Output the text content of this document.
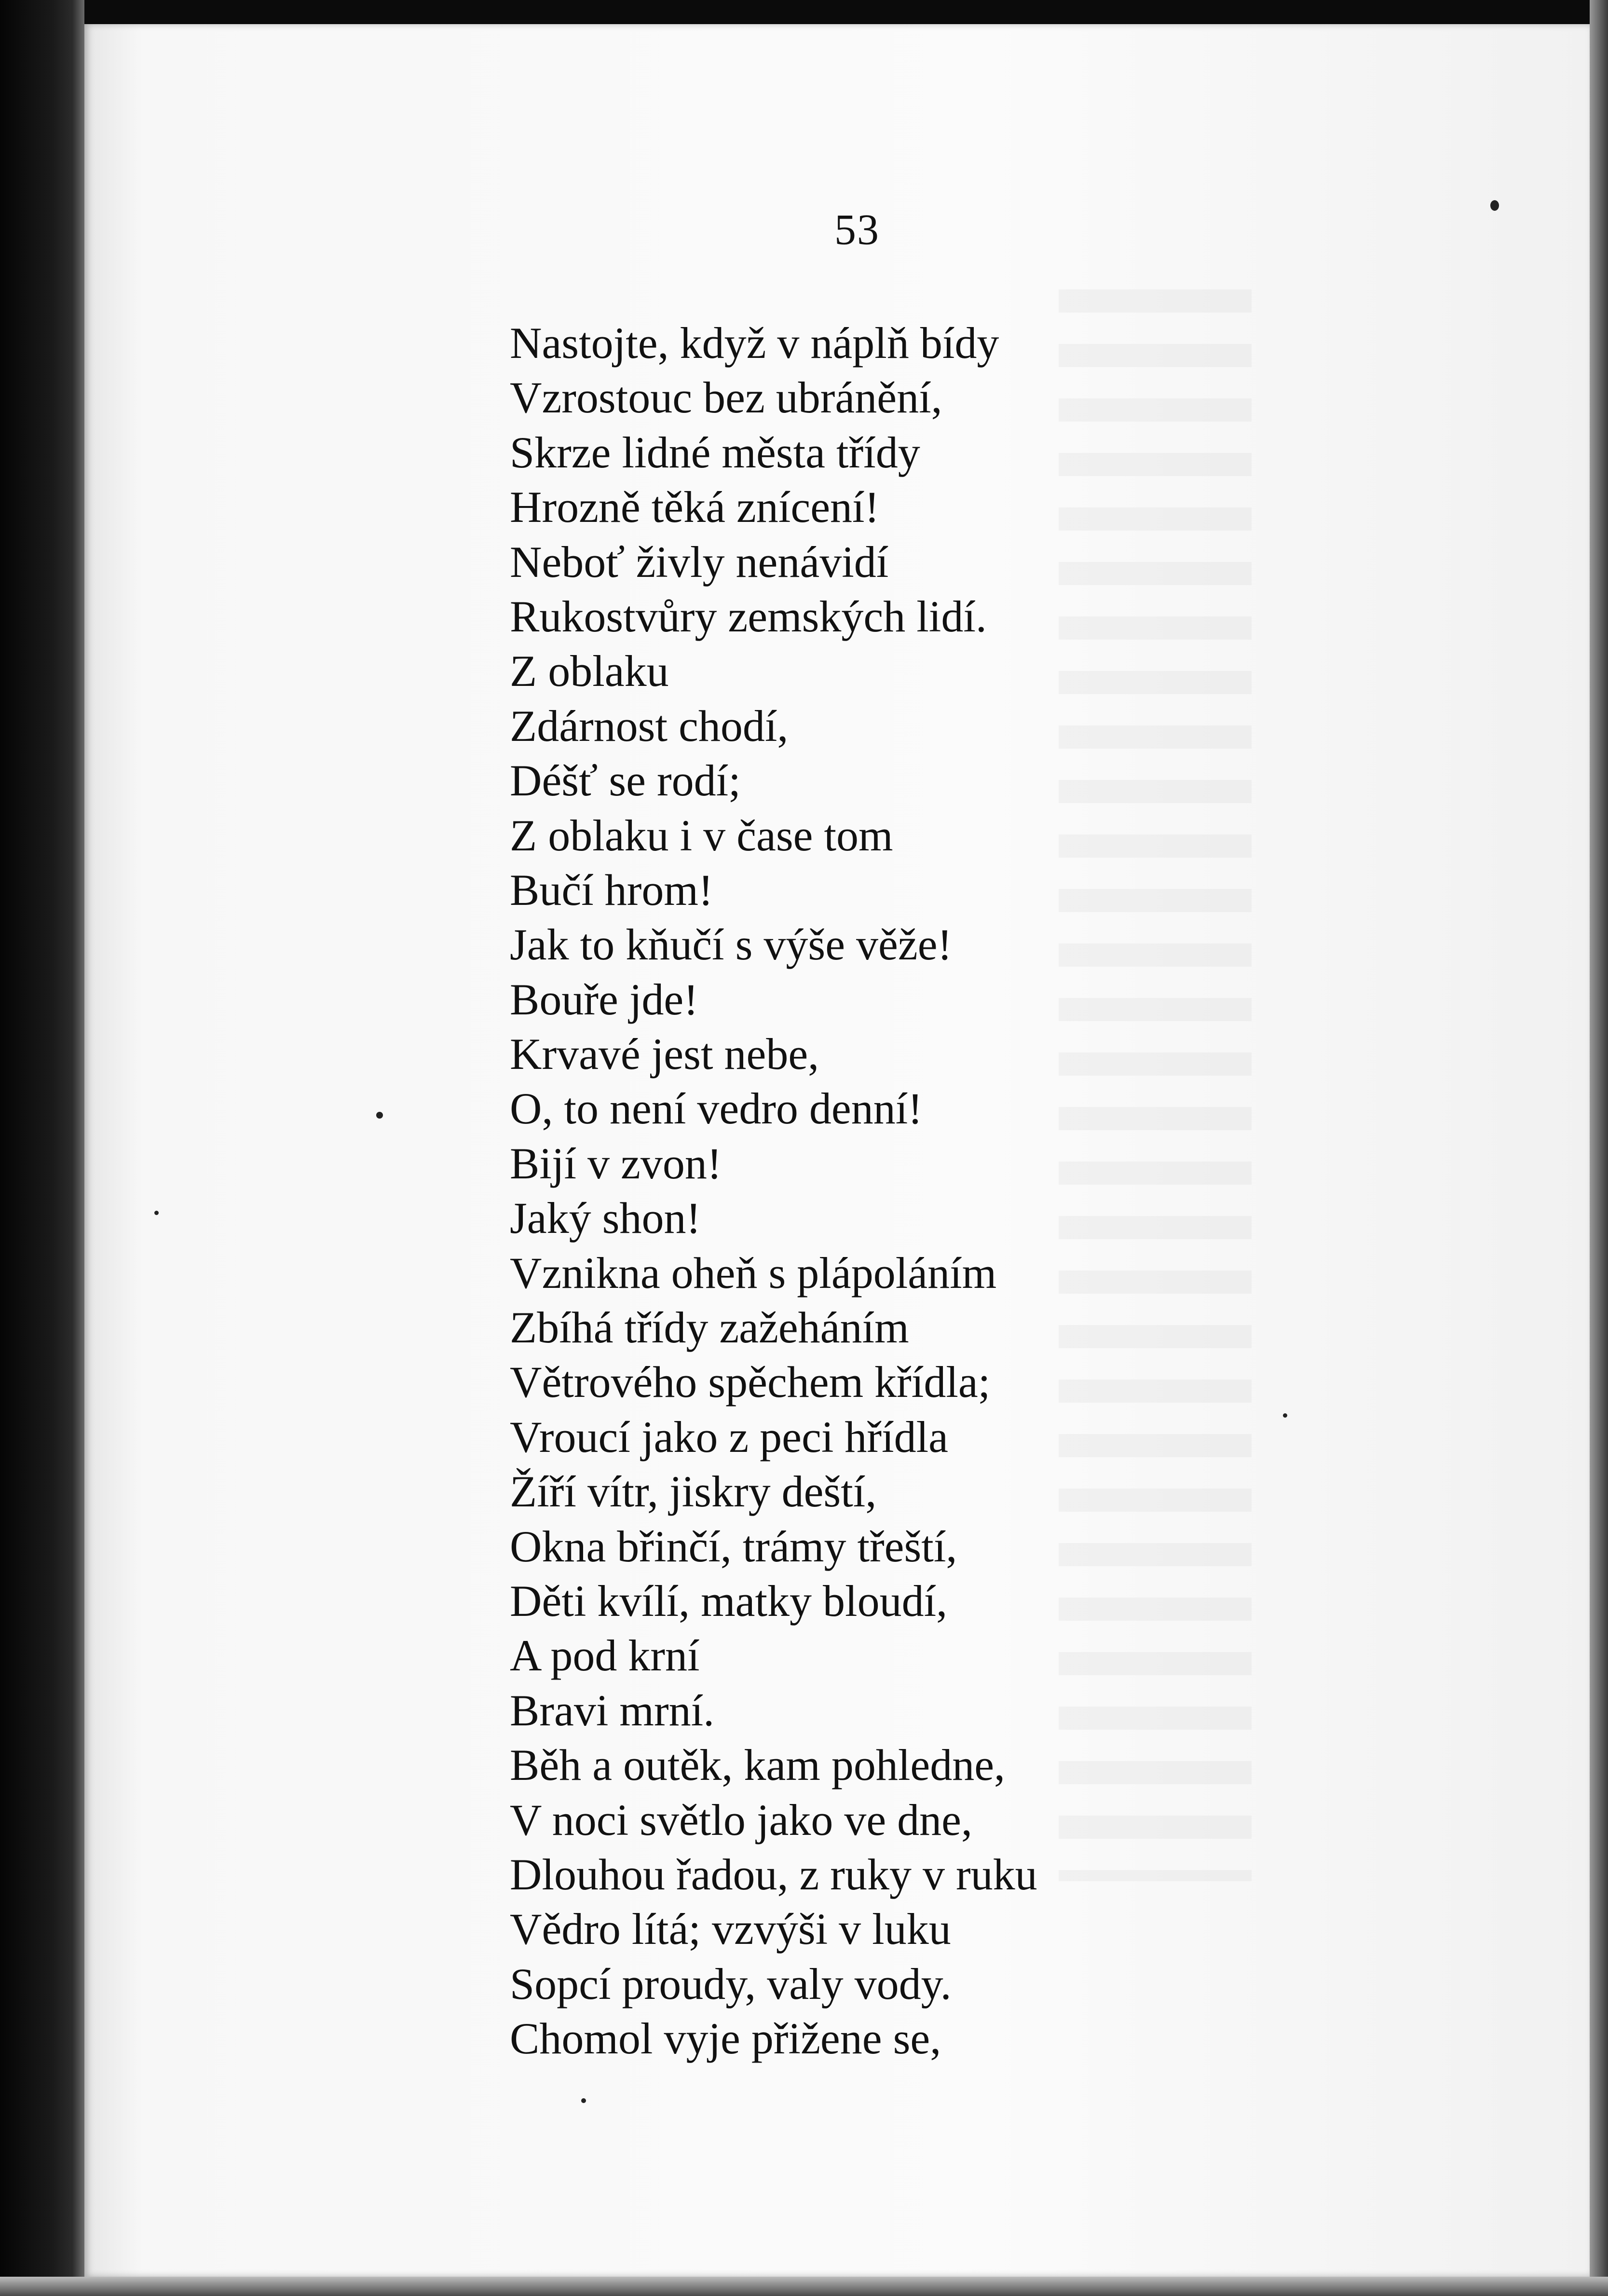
53
Nastojte, když v náplň bídy
Vzrostouc bez ubránění,
Skrze lidné města třídy
Hrozně těká znícení!
Neboť živly nenávidí
Rukostvůry zemských lidí.
Z oblaku
Zdárnost chodí,
Déšť se rodí;
Z oblaku i v čase tom
Bučí hrom!
Jak to kňučí s výše věže!
Bouře jde!
Krvavé jest nebe,
O, to není vedro denní!
Bijí v zvon!
Jaký shon!
Vznikna oheň s plápoláním
Zbíhá třídy zažeháním
Větrového spěchem křídla;
Vroucí jako z peci hřídla
Žíří vítr, jiskry deští,
Okna břinčí, trámy třeští,
Děti kvílí, matky bloudí,
A pod krní
Bravi mrní.
Běh a outěk, kam pohledne,
V noci světlo jako ve dne,
Dlouhou řadou, z ruky v ruku
Vědro lítá; vzvýši v luku
Sopcí proudy, valy vody.
Chomol vyje přižene se,
